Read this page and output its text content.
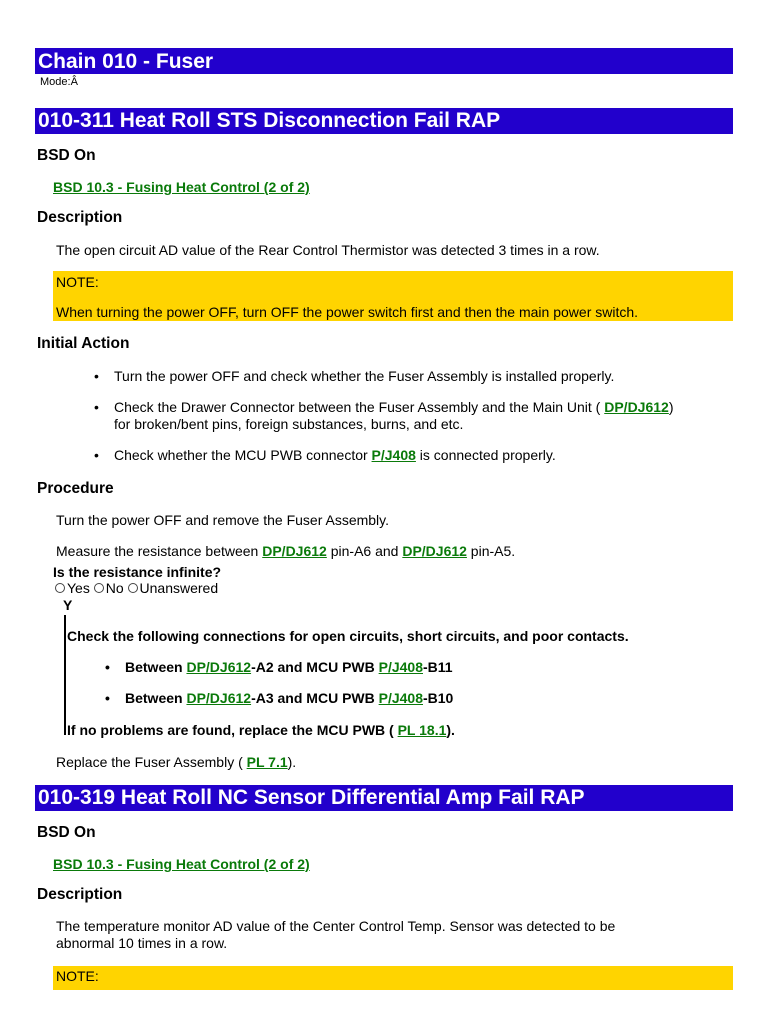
Chain 010 - Fuser
Mode:Â
010-311 Heat Roll STS Disconnection Fail RAP
BSD On
BSD 10.3 - Fusing Heat Control (2 of 2)
Description
The open circuit AD value of the Rear Control Thermistor was detected 3 times in a row.
NOTE:
When turning the power OFF, turn OFF the power switch first and then the main power switch.
Initial Action
• Turn the power OFF and check whether the Fuser Assembly is installed properly.
• Check the Drawer Connector between the Fuser Assembly and the Main Unit ( DP/DJ612)
for broken/bent pins, foreign substances, burns, and etc.
• Check whether the MCU PWB connector P/J408 is connected properly.
Procedure
Turn the power OFF and remove the Fuser Assembly.
Measure the resistance between DP/DJ612 pin-A6 and DP/DJ612 pin-A5.
Is the resistance infinite?
Yes No Unanswered
Y
Check the following connections for open circuits, short circuits, and poor contacts.
• Between DP/DJ612-A2 and MCU PWB P/J408-B11
• Between DP/DJ612-A3 and MCU PWB P/J408-B10
If no problems are found, replace the MCU PWB ( PL 18.1).
Replace the Fuser Assembly ( PL 7.1).
010-319 Heat Roll NC Sensor Differential Amp Fail RAP
BSD On
BSD 10.3 - Fusing Heat Control (2 of 2)
Description
The temperature monitor AD value of the Center Control Temp. Sensor was detected to be
abnormal 10 times in a row.
NOTE:
